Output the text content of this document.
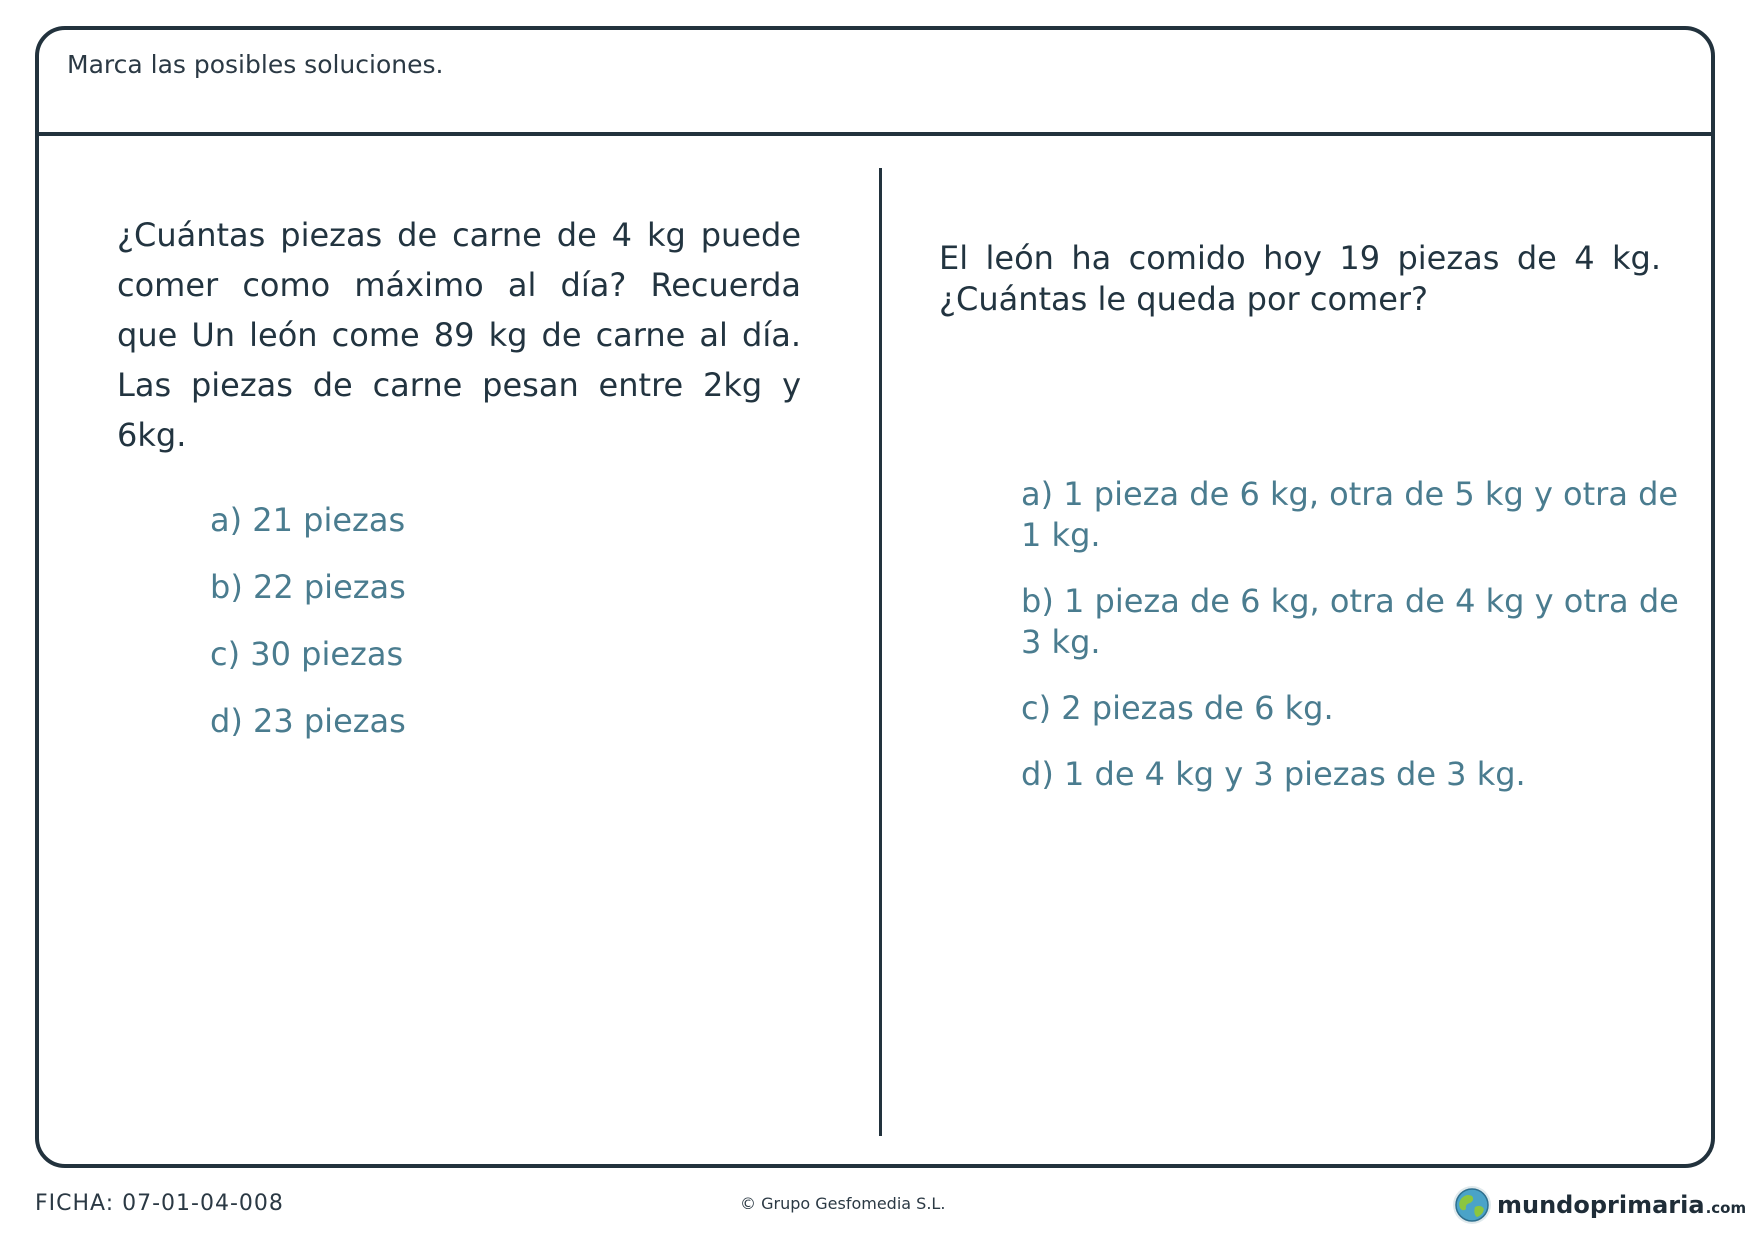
Marca las posibles soluciones.

¿Cuántas piezas de carne de 4 kg puede comer como máximo al día? Recuerda que Un león come 89 kg de carne al día. Las piezas de carne pesan entre 2kg y 6kg.

a) 21 piezas
b) 22 piezas
c) 30 piezas
d) 23 piezas

El león ha comido hoy 19 piezas de 4 kg. ¿Cuántas le queda por comer?

a) 1 pieza de 6 kg, otra de 5 kg y otra de 1 kg.
b) 1 pieza de 6 kg, otra de 4 kg y otra de 3 kg.
c) 2 piezas de 6 kg.
d) 1 de 4 kg y 3 piezas de 3 kg.
FICHA: 07-01-04-008	© Grupo Gesfomedia S.L.	mundoprimaria .com
